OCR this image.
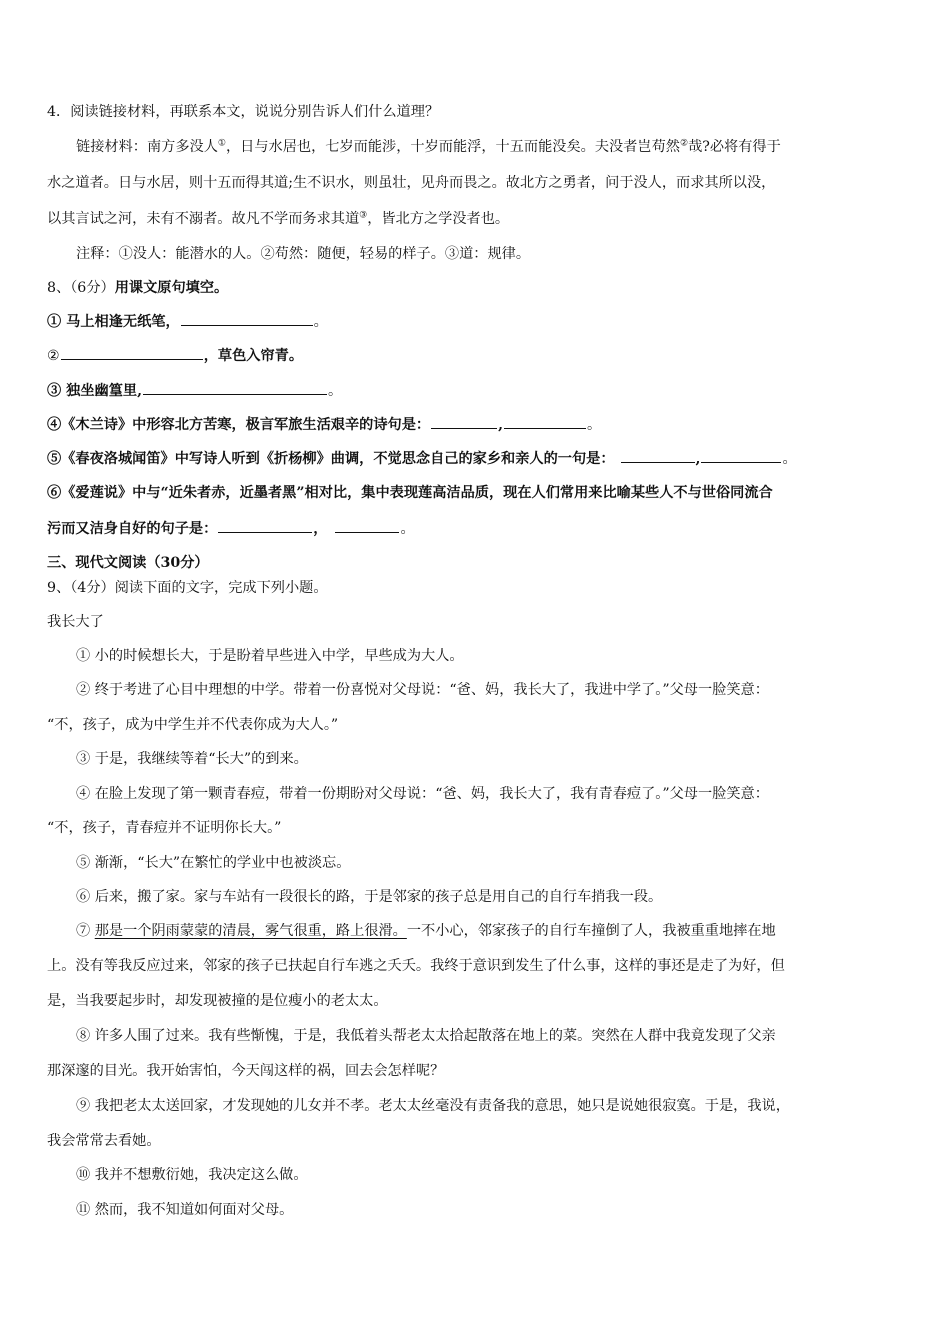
4．阅读链接材料，再联系本文，说说分别告诉人们什么道理？
链接材料：南方多没人①，日与水居也，七岁而能涉，十岁而能浮，十五而能没矣。夫没者岂苟然②哉?必将有得于
水之道者。日与水居，则十五而得其道;生不识水，则虽壮，见舟而畏之。故北方之勇者，问于没人，而求其所以没，
以其言试之河，未有不溺者。故凡不学而务求其道③，皆北方之学没者也。
注释：①没人：能潜水的人。②苟然：随便，轻易的样子。③道：规律。
8、（6分）用课文原句填空。
① 马上相逢无纸笔，	。
②	，草色入帘青。
③ 独坐幽篁里,	。
④《木兰诗》中形容北方苦寒，极言军旅生活艰辛的诗句是：	,	。
⑤《春夜洛城闻笛》中写诗人听到《折杨柳》曲调，不觉思念自己的家乡和亲人的一句是：	,	。
⑥《爱莲说》中与“近朱者赤，近墨者黑”相对比，集中表现莲高洁品质，现在人们常用来比喻某些人不与世俗同流合
污而又洁身自好的句子是：	，	。
三、现代文阅读（30分）
9、（4分）阅读下面的文字，完成下列小题。
我长大了
① 小的时候想长大，于是盼着早些进入中学，早些成为大人。
② 终于考进了心目中理想的中学。带着一份喜悦对父母说：“爸、妈，我长大了，我进中学了。”父母一脸笑意：
“不，孩子，成为中学生并不代表你成为大人。”
③ 于是，我继续等着“长大”的到来。
④ 在脸上发现了第一颗青春痘，带着一份期盼对父母说：“爸、妈，我长大了，我有青春痘了。”父母一脸笑意：
“不，孩子，青春痘并不证明你长大。”
⑤ 渐渐，“长大”在繁忙的学业中也被淡忘。
⑥ 后来，搬了家。家与车站有一段很长的路，于是邻家的孩子总是用自己的自行车捎我一段。
⑦ 那是一个阴雨蒙蒙的清晨，雾气很重，路上很滑。一不小心，邻家孩子的自行车撞倒了人，我被重重地摔在地
上。没有等我反应过来，邻家的孩子已扶起自行车逃之夭夭。我终于意识到发生了什么事，这样的事还是走了为好，但
是，当我要起步时，却发现被撞的是位瘦小的老太太。
⑧ 许多人围了过来。我有些惭愧，于是，我低着头帮老太太拾起散落在地上的菜。突然在人群中我竟发现了父亲
那深邃的目光。我开始害怕，今天闯这样的祸，回去会怎样呢？
⑨ 我把老太太送回家，才发现她的儿女并不孝。老太太丝毫没有责备我的意思，她只是说她很寂寞。于是，我说，
我会常常去看她。
⑩ 我并不想敷衍她，我决定这么做。
⑪ 然而，我不知道如何面对父母。
